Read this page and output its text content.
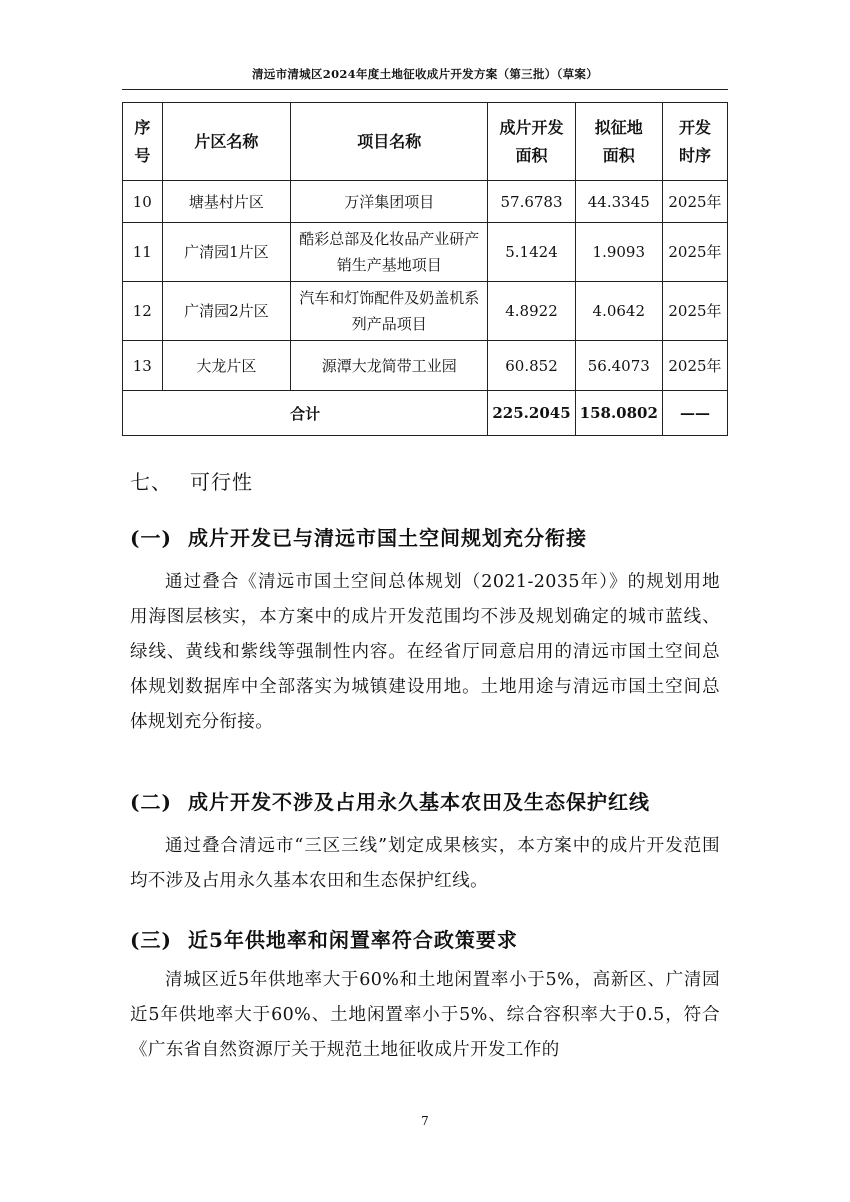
清远市清城区2024年度土地征收成片开发方案（第三批）（草案）
序号	片区名称	项目名称	成片开发面积	拟征地面积	开发时序
10	塘基村片区	万洋集团项目	57.6783	44.3345	2025年
11	广清园1片区	酷彩总部及化妆品产业研产销生产基地项目	5.1424	1.9093	2025年
12	广清园2片区	汽车和灯饰配件及奶盖机系列产品项目	4.8922	4.0642	2025年
13	大龙片区	源潭大龙简带工业园	60.852	56.4073	2025年
合计			225.2045	158.0802	——
七、 可行性
(一) 成片开发已与清远市国土空间规划充分衔接
通过叠合《清远市国土空间总体规划（2021-2035年）》的规划用地用海图层核实，本方案中的成片开发范围均不涉及规划确定的城市蓝线、绿线、黄线和紫线等强制性内容。在经省厅同意启用的清远市国土空间总体规划数据库中全部落实为城镇建设用地。土地用途与清远市国土空间总体规划充分衔接。
(二) 成片开发不涉及占用永久基本农田及生态保护红线
通过叠合清远市“三区三线”划定成果核实，本方案中的成片开发范围均不涉及占用永久基本农田和生态保护红线。
(三) 近5年供地率和闲置率符合政策要求
清城区近5年供地率大于60%和土地闲置率小于5%，高新区、广清园近5年供地率大于60%、土地闲置率小于5%、综合容积率大于0.5，符合《广东省自然资源厅关于规范土地征收成片开发工作的
7
